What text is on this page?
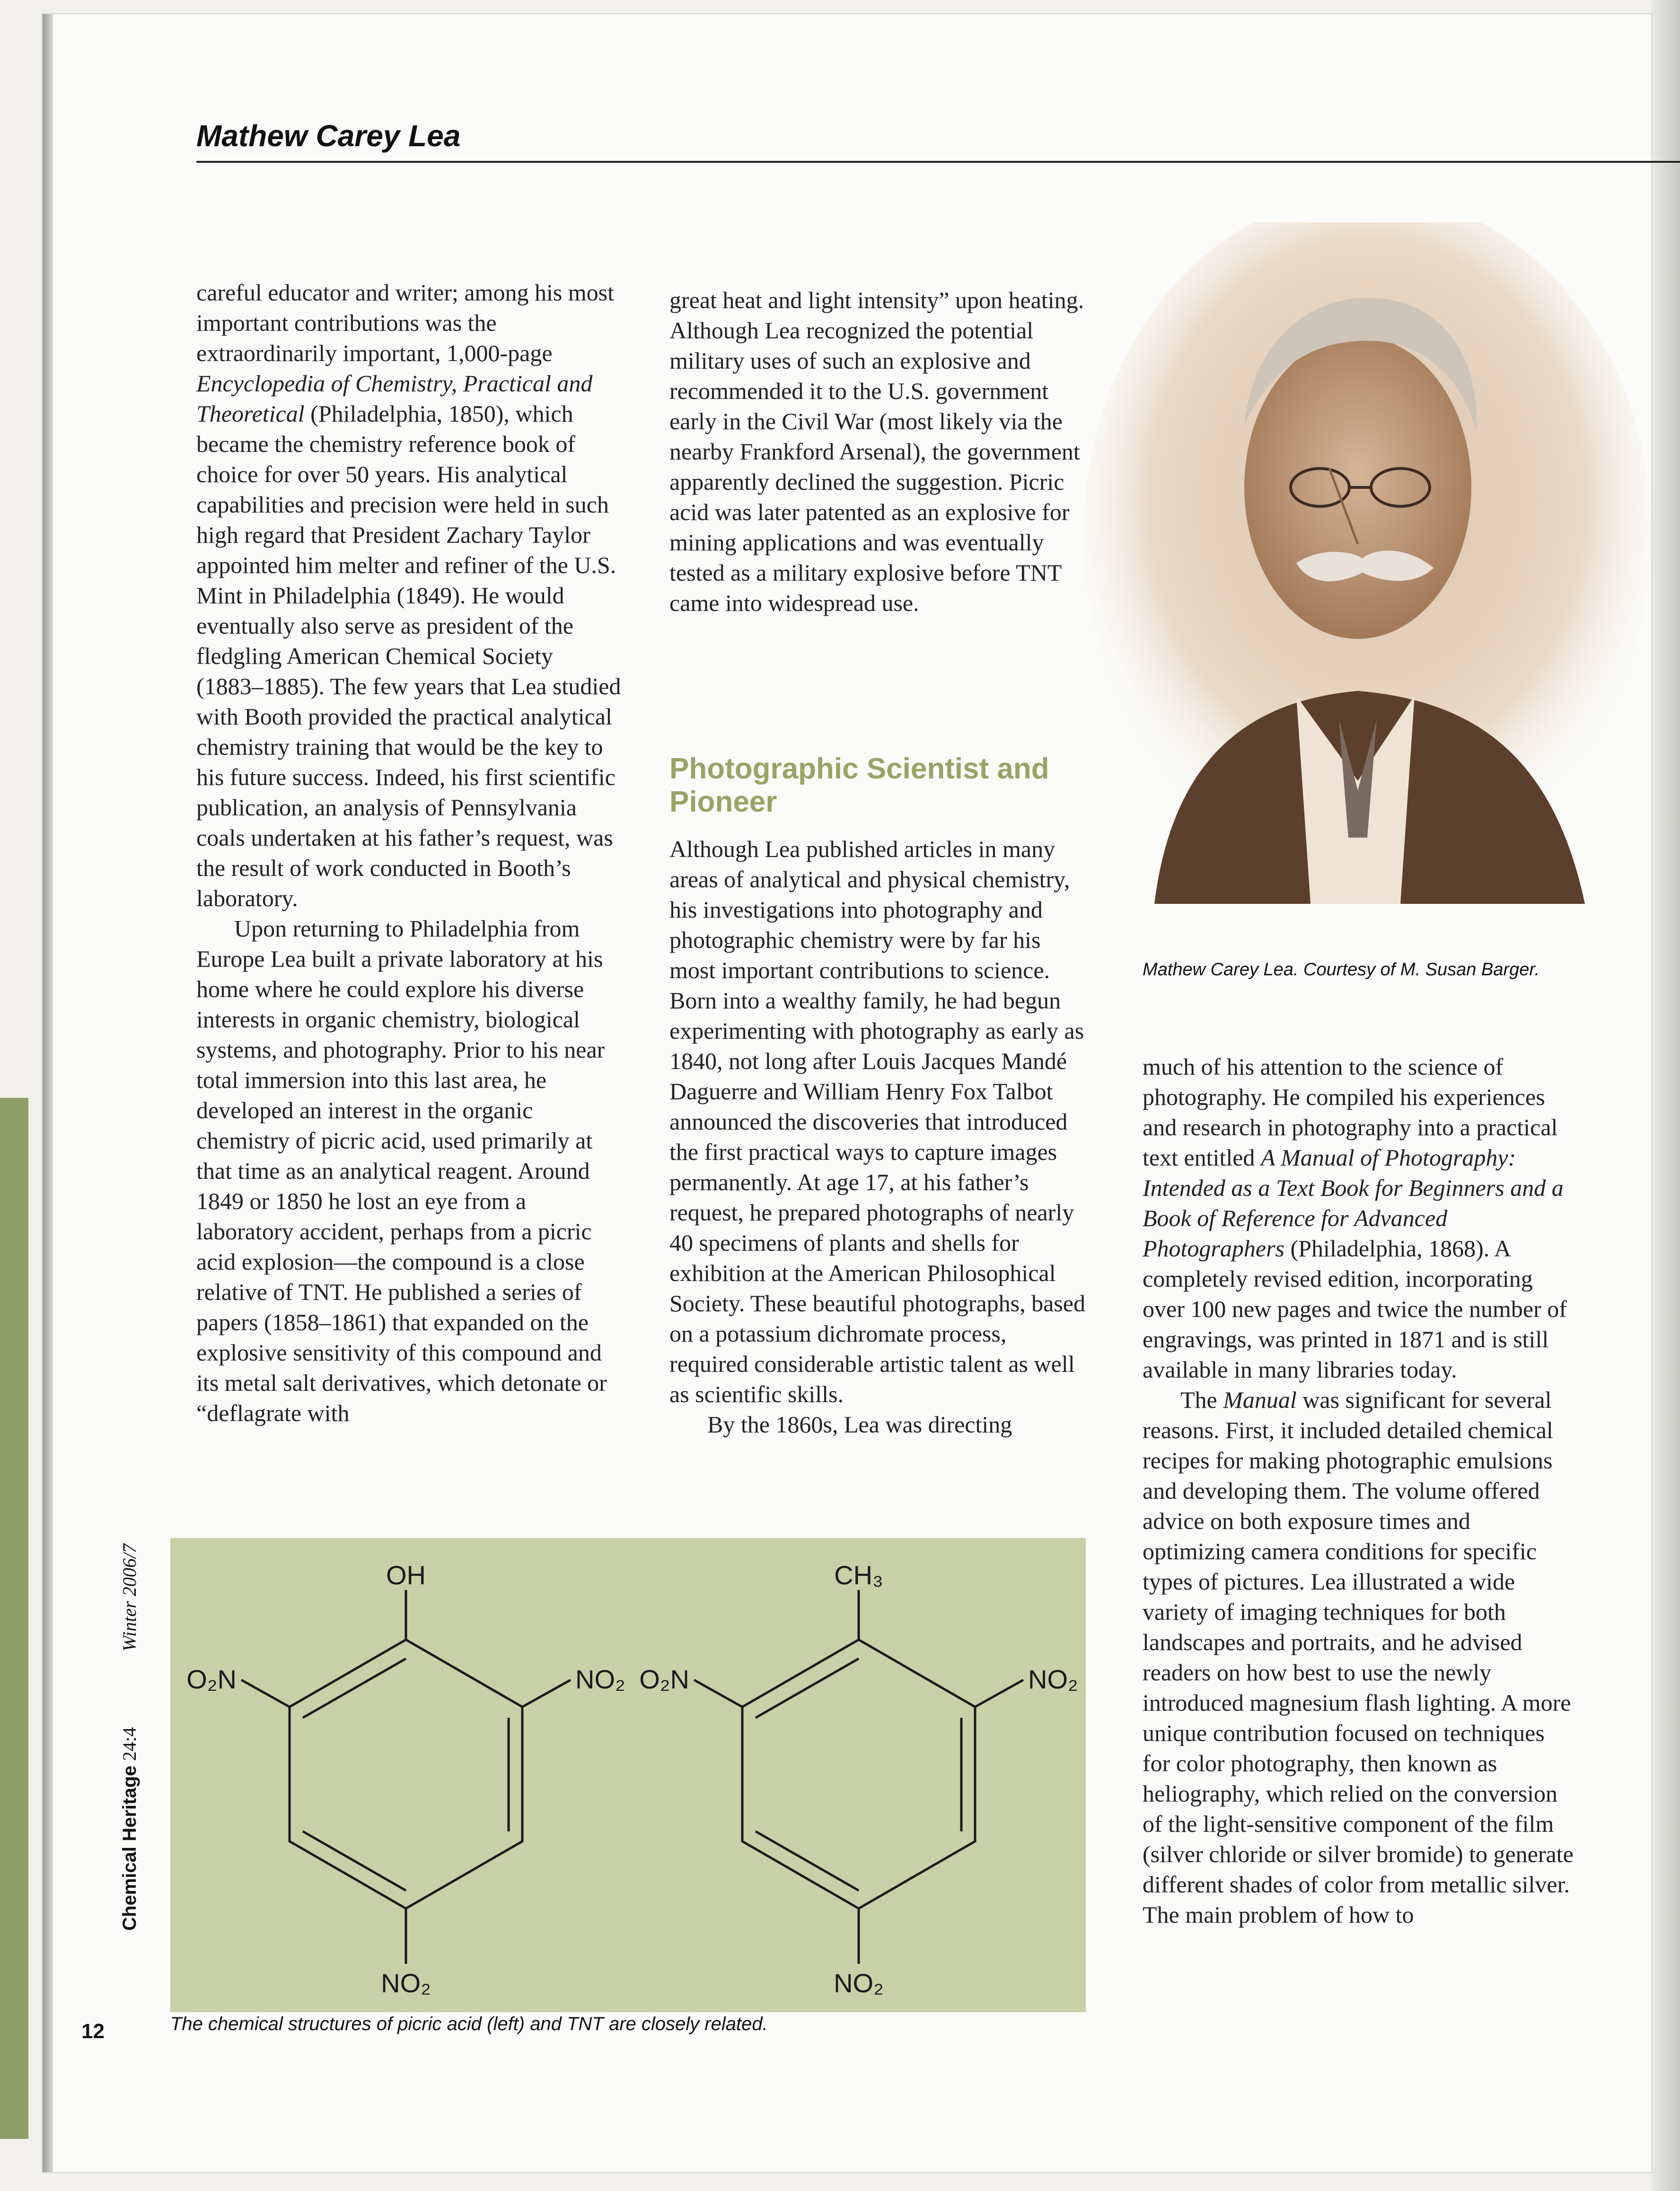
Mathew Carey Lea

careful educator and writer; among his most important contributions was the extraordinarily important, 1,000-page Encyclopedia of Chemistry, Practical and Theoretical (Philadelphia, 1850), which became the chemistry reference book of choice for over 50 years. His analytical capabilities and precision were held in such high regard that President Zachary Taylor appointed him melter and refiner of the U.S. Mint in Philadelphia (1849). He would eventually also serve as president of the fledgling American Chemical Society (1883–1885). The few years that Lea studied with Booth provided the practical analytical chemistry training that would be the key to his future success. Indeed, his first scientific publication, an analysis of Pennsylvania coals undertaken at his father’s request, was the result of work conducted in Booth’s laboratory.

Upon returning to Philadelphia from Europe Lea built a private laboratory at his home where he could explore his diverse interests in organic chemistry, biological systems, and photography. Prior to his near total immersion into this last area, he developed an interest in the organic chemistry of picric acid, used primarily at that time as an analytical reagent. Around 1849 or 1850 he lost an eye from a laboratory accident, perhaps from a picric acid explosion—the compound is a close relative of TNT. He published a series of papers (1858–1861) that expanded on the explosive sensitivity of this compound and its metal salt derivatives, which detonate or “deflagrate with

great heat and light intensity” upon heating. Although Lea recognized the potential military uses of such an explosive and recommended it to the U.S. government early in the Civil War (most likely via the nearby Frankford Arsenal), the government apparently declined the suggestion. Picric acid was later patented as an explosive for mining applications and was eventually tested as a military explosive before TNT came into widespread use.

Photographic Scientist and Pioneer

Although Lea published articles in many areas of analytical and physical chemistry, his investigations into photography and photographic chemistry were by far his most important contributions to science. Born into a wealthy family, he had begun experimenting with photography as early as 1840, not long after Louis Jacques Mandé Daguerre and William Henry Fox Talbot announced the discoveries that introduced the first practical ways to capture images permanently. At age 17, at his father’s request, he prepared photographs of nearly 40 specimens of plants and shells for exhibition at the American Philosophical Society. These beautiful photographs, based on a potassium dichromate process, required considerable artistic talent as well as scientific skills.

By the 1860s, Lea was directing

Mathew Carey Lea. Courtesy of M. Susan Barger.

much of his attention to the science of photography. He compiled his experiences and research in photography into a practical text entitled A Manual of Photography: Intended as a Text Book for Beginners and a Book of Reference for Advanced Photographers (Philadelphia, 1868). A completely revised edition, incorporating over 100 new pages and twice the number of engravings, was printed in 1871 and is still available in many libraries today.

The Manual was significant for several reasons. First, it included detailed chemical recipes for making photographic emulsions and developing them. The volume offered advice on both exposure times and optimizing camera conditions for specific types of pictures. Lea illustrated a wide variety of imaging techniques for both landscapes and portraits, and he advised readers on how best to use the newly introduced magnesium flash lighting. A more unique contribution focused on techniques for color photography, then known as heliography, which relied on the conversion of the light-sensitive component of the film (silver chloride or silver bromide) to generate different shades of color from metallic silver. The main problem of how to

OH
O₂N	NO₂
NO₂
CH₃
O₂N	NO₂
NO₂
The chemical structures of picric acid (left) and TNT are closely related.
Chemical Heritage 24:4Winter 2006/7
12
